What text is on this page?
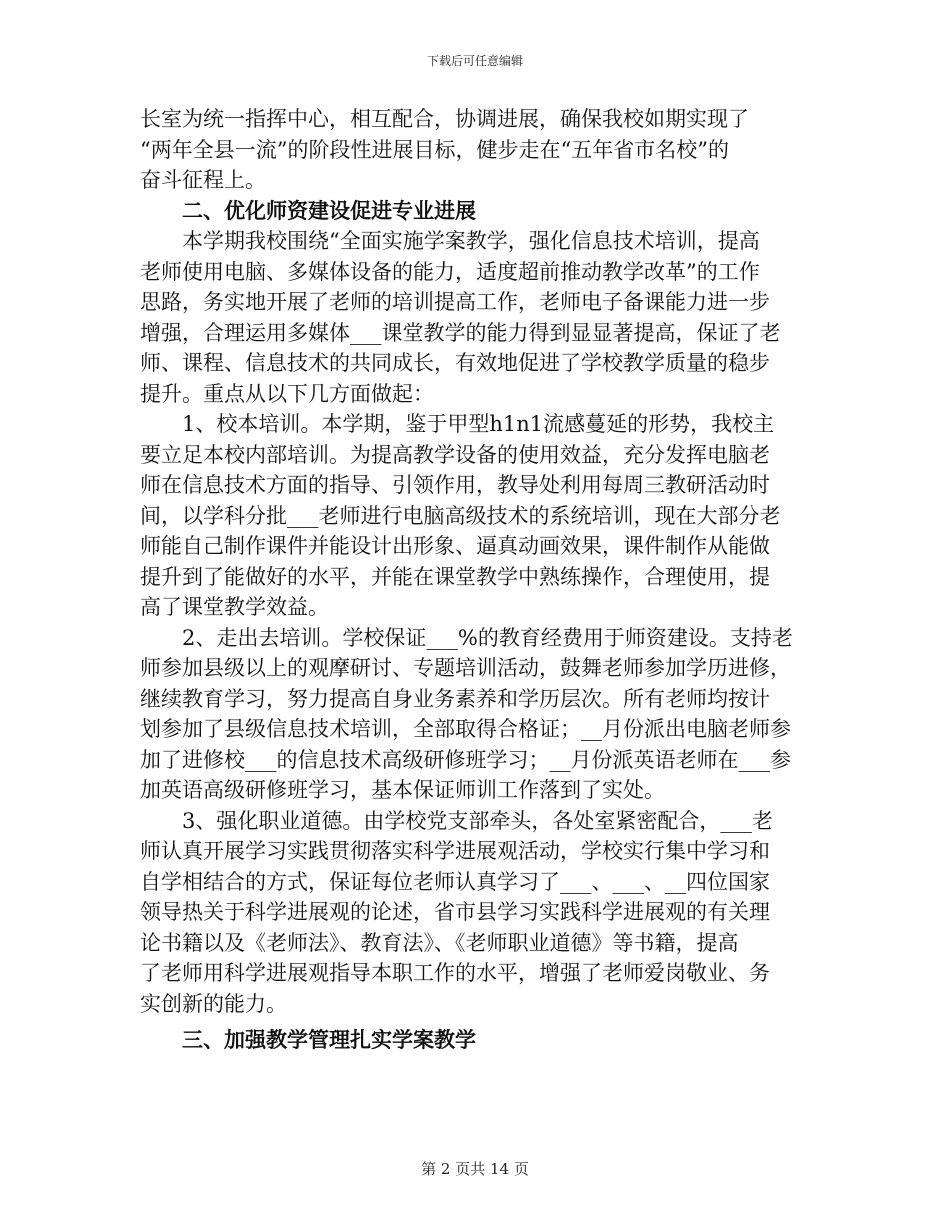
下载后可任意编辑
长室为统一指挥中心，相互配合，协调进展，确保我校如期实现了
“两年全县一流”的阶段性进展目标，健步走在“五年省市名校”的
奋斗征程上。
二、优化师资建设促进专业进展
本学期我校围绕“全面实施学案教学，强化信息技术培训，提高
老师使用电脑、多媒体设备的能力，适度超前推动教学改革”的工作
思路，务实地开展了老师的培训提高工作，老师电子备课能力进一步
增强，合理运用多媒体___课堂教学的能力得到显显著提高，保证了老
师、课程、信息技术的共同成长，有效地促进了学校教学质量的稳步
提升。重点从以下几方面做起：
1、校本培训。本学期，鉴于甲型h1n1流感蔓延的形势，我校主
要立足本校内部培训。为提高教学设备的使用效益，充分发挥电脑老
师在信息技术方面的指导、引领作用，教导处利用每周三教研活动时
间，以学科分批___老师进行电脑高级技术的系统培训，现在大部分老
师能自己制作课件并能设计出形象、逼真动画效果，课件制作从能做
提升到了能做好的水平，并能在课堂教学中熟练操作，合理使用，提
高了课堂教学效益。
2、走出去培训。学校保证___%的教育经费用于师资建设。支持老
师参加县级以上的观摩研讨、专题培训活动，鼓舞老师参加学历进修，
继续教育学习，努力提高自身业务素养和学历层次。所有老师均按计
划参加了县级信息技术培训，全部取得合格证；__月份派出电脑老师参
加了进修校___的信息技术高级研修班学习；__月份派英语老师在___参
加英语高级研修班学习，基本保证师训工作落到了实处。
3、强化职业道德。由学校党支部牵头，各处室紧密配合，___老
师认真开展学习实践贯彻落实科学进展观活动，学校实行集中学习和
自学相结合的方式，保证每位老师认真学习了___、___、__四位国家
领导热关于科学进展观的论述，省市县学习实践科学进展观的有关理
论书籍以及《老师法》、教育法》、《老师职业道德》等书籍，提高
了老师用科学进展观指导本职工作的水平，增强了老师爱岗敬业、务
实创新的能力。
三、加强教学管理扎实学案教学
第 2 页共 14 页
